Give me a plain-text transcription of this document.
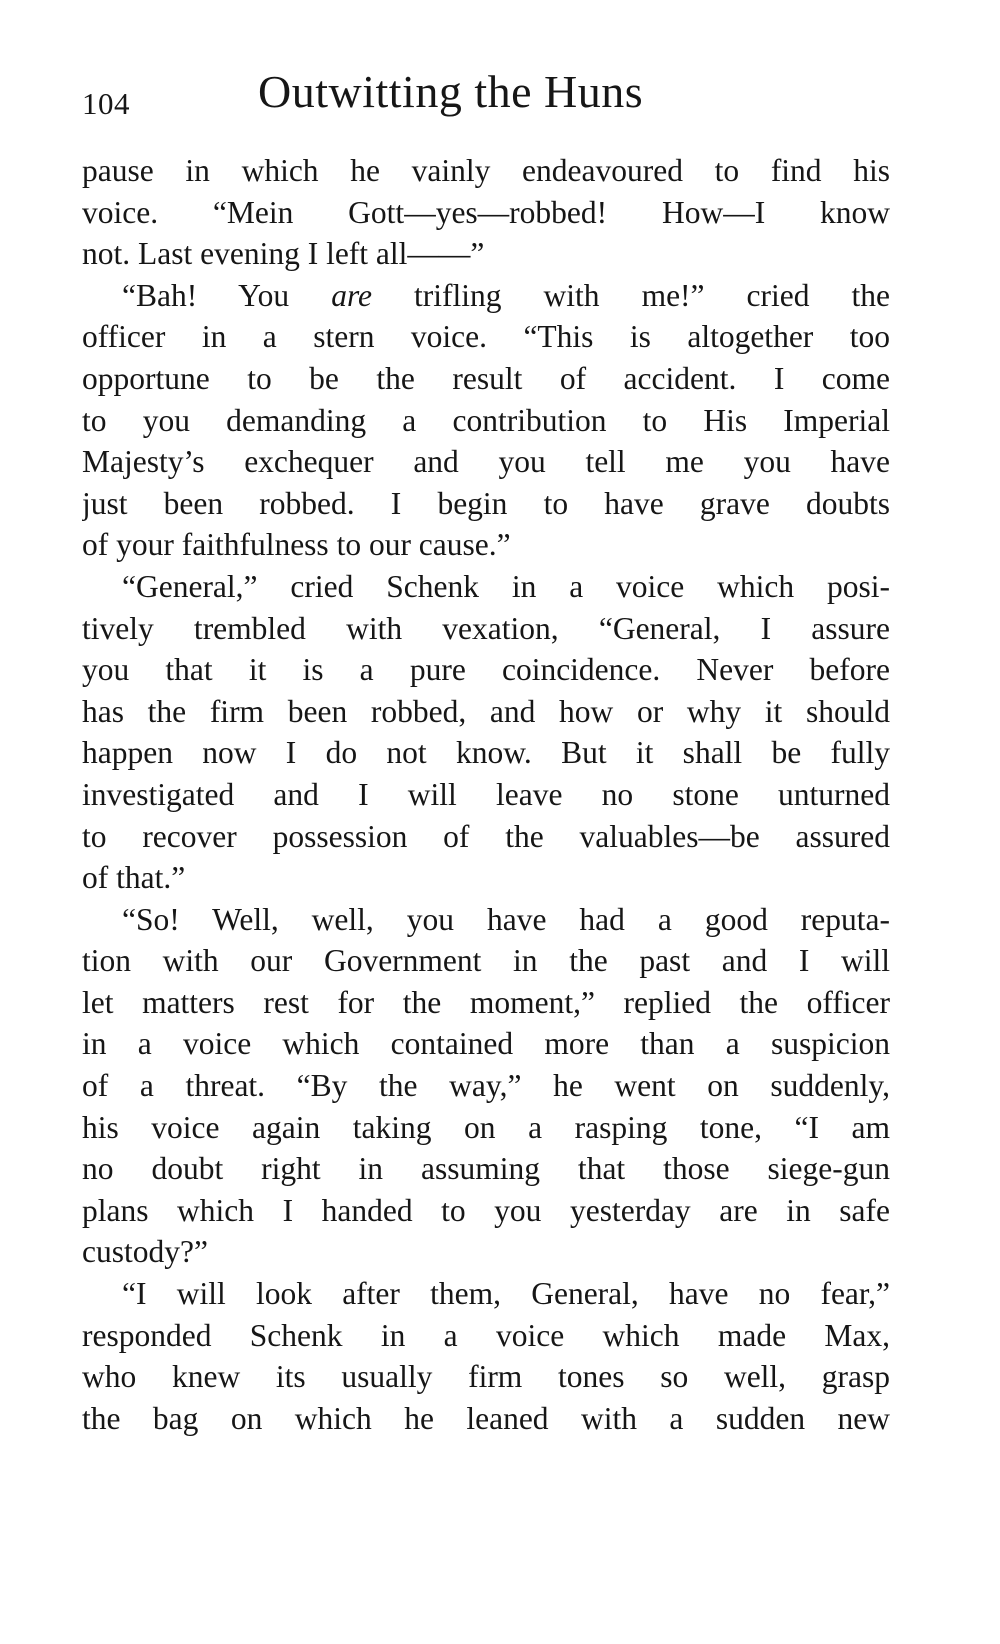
104	Outwitting the Huns
pause in which he vainly endeavoured to find his
voice. “Mein Gott—yes—robbed! How—I know
not. Last evening I left all——”
“Bah! You are trifling with me!” cried the
officer in a stern voice. “This is altogether too
opportune to be the result of accident. I come
to you demanding a contribution to His Imperial
Majesty’s exchequer and you tell me you have
just been robbed. I begin to have grave doubts
of your faithfulness to our cause.”
“General,” cried Schenk in a voice which posi-
tively trembled with vexation, “General, I assure
you that it is a pure coincidence. Never before
has the firm been robbed, and how or why it should
happen now I do not know. But it shall be fully
investigated and I will leave no stone unturned
to recover possession of the valuables—be assured
of that.”
“So! Well, well, you have had a good reputa-
tion with our Government in the past and I will
let matters rest for the moment,” replied the officer
in a voice which contained more than a suspicion
of a threat. “By the way,” he went on suddenly,
his voice again taking on a rasping tone, “I am
no doubt right in assuming that those siege-gun
plans which I handed to you yesterday are in safe
custody?”
“I will look after them, General, have no fear,”
responded Schenk in a voice which made Max,
who knew its usually firm tones so well, grasp
the bag on which he leaned with a sudden new
